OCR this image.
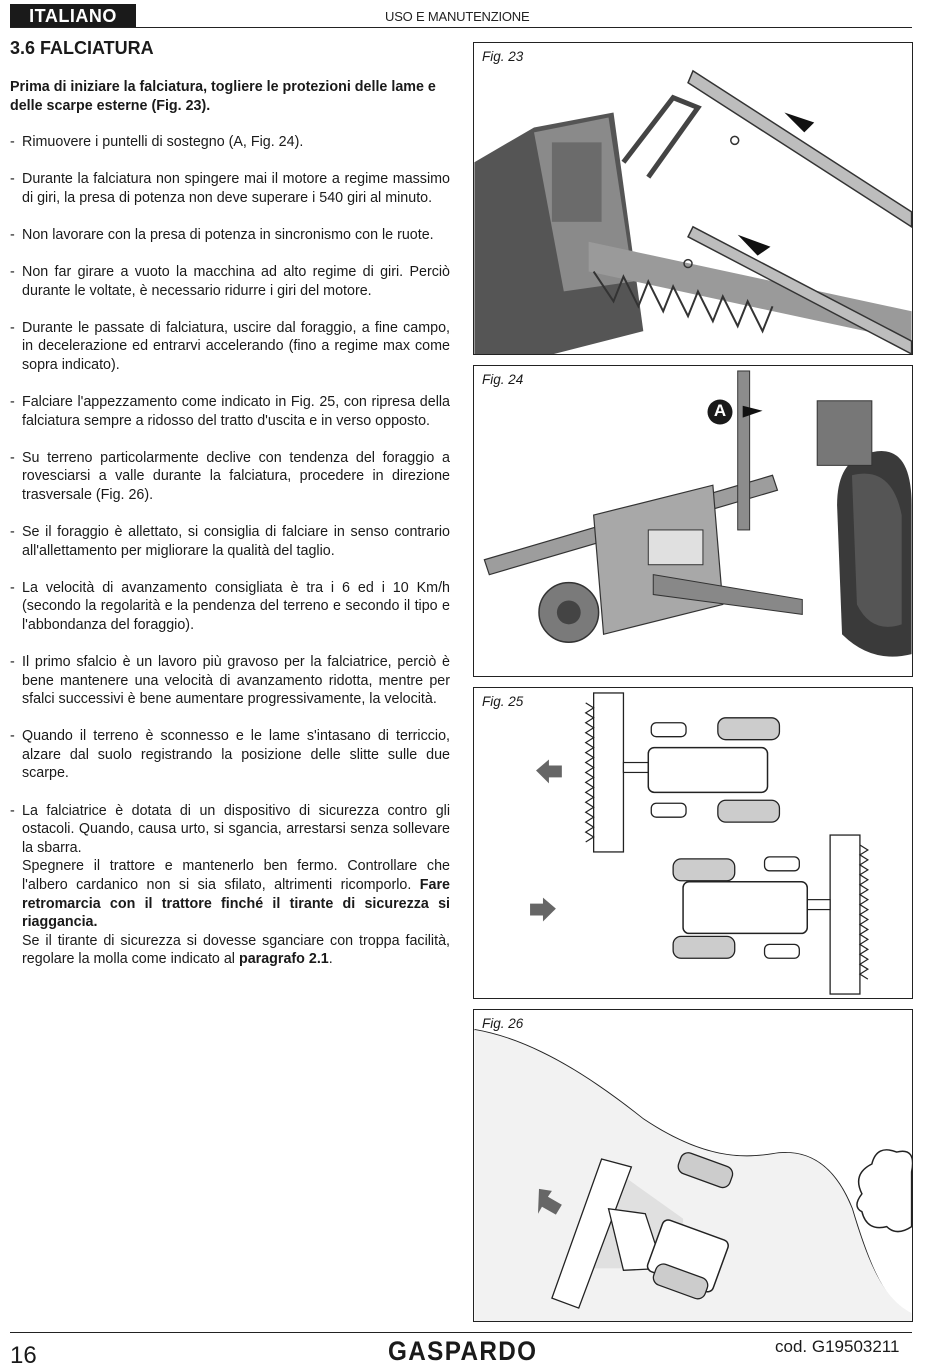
ITALIANO	USO E MANUTENZIONE
3.6 FALCIATURA

Prima di iniziare la falciatura, togliere le protezioni delle lame e delle scarpe esterne (Fig. 23).

- Rimuovere i puntelli di sostegno (A, Fig. 24).

- Durante la falciatura non spingere mai il motore a regime massimo di giri, la presa di potenza non deve superare i 540 giri al minuto.

- Non lavorare con la presa di potenza in sincronismo con le ruote.

- Non far girare a vuoto la macchina ad alto regime di giri. Perciò durante le voltate, è necessario ridurre i giri del motore.

- Durante le passate di falciatura, uscire dal foraggio, a fine campo, in decelerazione ed entrarvi accelerando (fino a regime max come sopra indicato).

- Falciare l'appezzamento come indicato in Fig. 25, con ripresa della falciatura sempre a ridosso del tratto d'uscita e in verso opposto.

- Su terreno particolarmente declive con tendenza del foraggio a rovesciarsi a valle durante la falciatura, procedere in direzione trasversale (Fig. 26).

- Se il foraggio è allettato, si consiglia di falciare in senso contrario all'allettamento per migliorare la qualità del taglio.

- La velocità di avanzamento consigliata è tra i 6 ed i 10 Km/h (secondo la regolarità e la pendenza del terreno e secondo il tipo e l'abbondanza del foraggio).

- Il primo sfalcio è un lavoro più gravoso per la falciatrice, perciò è bene mantenere una velocità di avanzamento ridotta, mentre per sfalci successivi è bene aumentare progressivamente, la velocità.

- Quando il terreno è sconnesso e le lame s'intasano di terriccio, alzare dal suolo registrando la posizione delle slitte sulle due scarpe.

- La falciatrice è dotata di un dispositivo di sicurezza contro gli ostacoli. Quando, causa urto, si sgancia, arrestarsi senza sollevare la sbarra.

Spegnere il trattore e mantenerlo ben fermo. Controllare che l'albero cardanico non si sia sfilato, altrimenti ricomporlo. Fare retromarcia con il trattore finché il tirante di sicurezza si riaggancia.

Se il tirante di sicurezza si dovesse sganciare con troppa facilità, regolare la molla come indicato al paragrafo 2.1.

Fig. 23
Fig. 24
A
Fig. 25
Fig. 26
16	GASPARDO	cod. G19503211
